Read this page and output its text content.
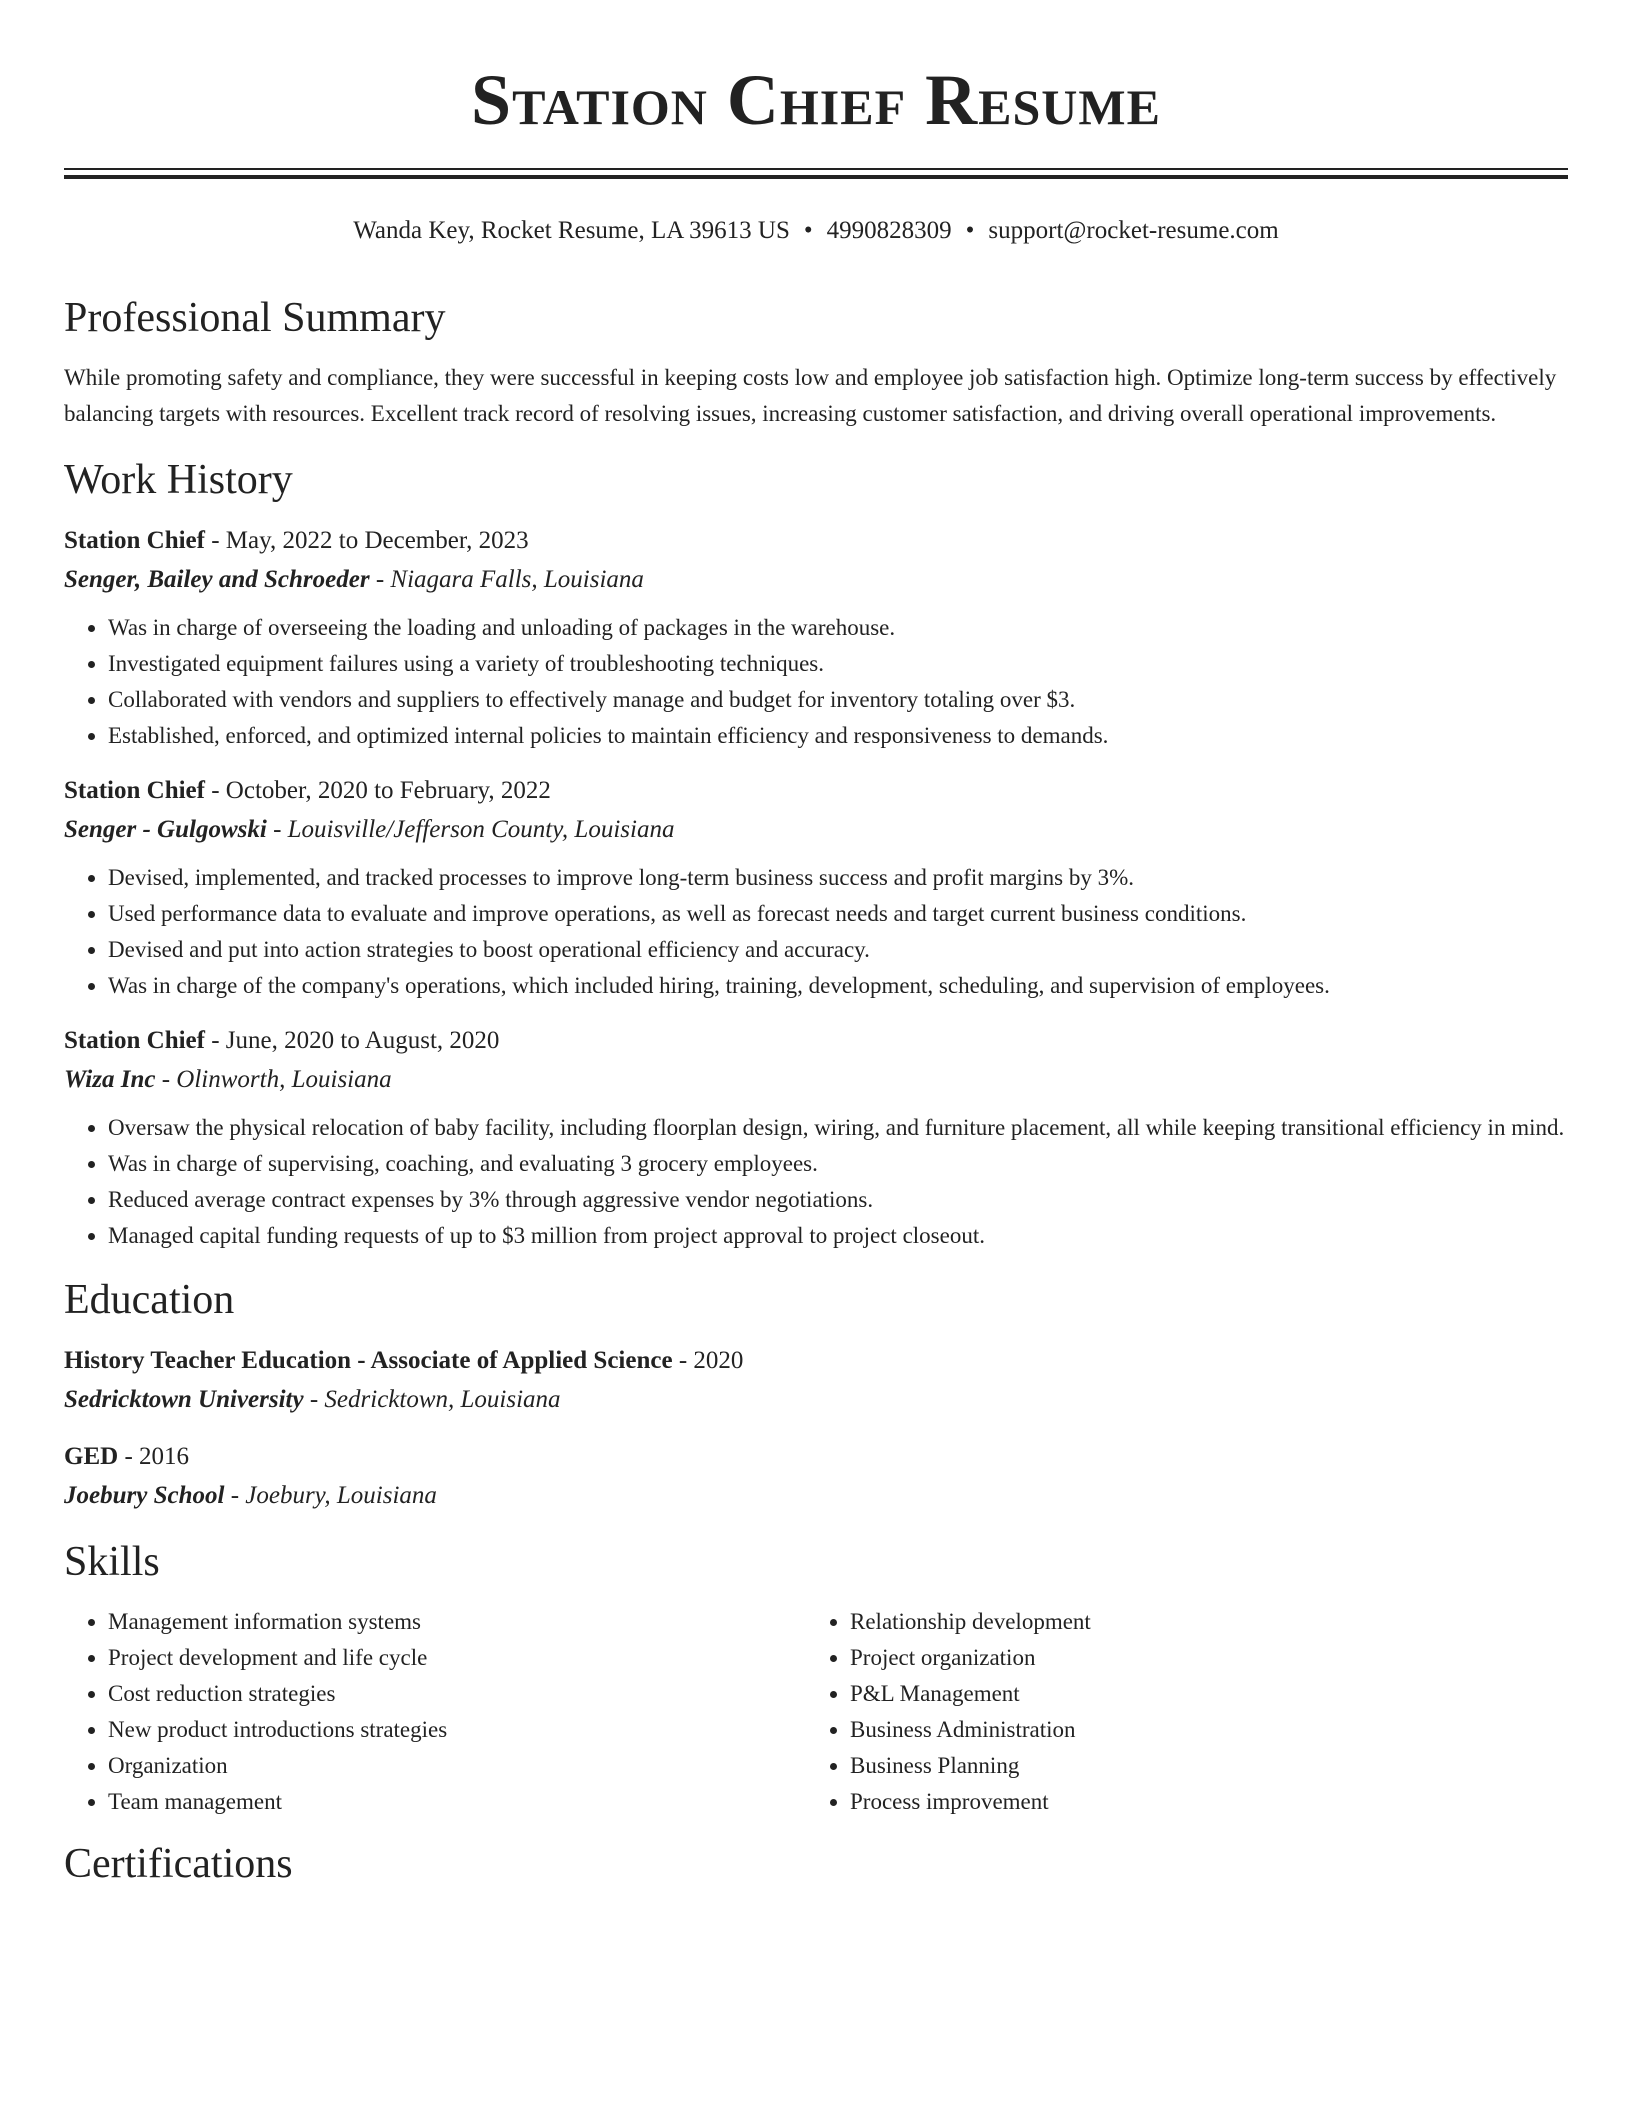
Station Chief Resume
Wanda Key, Rocket Resume, LA 39613 US • 4990828309 • support@rocket-resume.com
Professional Summary

While promoting safety and compliance, they were successful in keeping costs low and employee job satisfaction high. Optimize long-term success by effectively balancing targets with resources. Excellent track record of resolving issues, increasing customer satisfaction, and driving overall operational improvements.

Work History
Station Chief - May, 2022 to December, 2023
Senger, Bailey and Schroeder - Niagara Falls, Louisiana
• Was in charge of overseeing the loading and unloading of packages in the warehouse.
• Investigated equipment failures using a variety of troubleshooting techniques.
• Collaborated with vendors and suppliers to effectively manage and budget for inventory totaling over $3.
• Established, enforced, and optimized internal policies to maintain efficiency and responsiveness to demands.
Station Chief - October, 2020 to February, 2022
Senger - Gulgowski - Louisville/Jefferson County, Louisiana
• Devised, implemented, and tracked processes to improve long-term business success and profit margins by 3%.
• Used performance data to evaluate and improve operations, as well as forecast needs and target current business conditions.
• Devised and put into action strategies to boost operational efficiency and accuracy.
• Was in charge of the company's operations, which included hiring, training, development, scheduling, and supervision of employees.
Station Chief - June, 2020 to August, 2020
Wiza Inc - Olinworth, Louisiana
• Oversaw the physical relocation of baby facility, including floorplan design, wiring, and furniture placement, all while keeping transitional efficiency in mind.
• Was in charge of supervising, coaching, and evaluating 3 grocery employees.
• Reduced average contract expenses by 3% through aggressive vendor negotiations.
• Managed capital funding requests of up to $3 million from project approval to project closeout.
Education
History Teacher Education - Associate of Applied Science - 2020
Sedricktown University - Sedricktown, Louisiana
GED - 2016
Joebury School - Joebury, Louisiana
Skills
• Management information systems
• Project development and life cycle
• Cost reduction strategies
• New product introductions strategies
• Organization
• Team management
• Relationship development
• Project organization
• P&L Management
• Business Administration
• Business Planning
• Process improvement
Certifications
